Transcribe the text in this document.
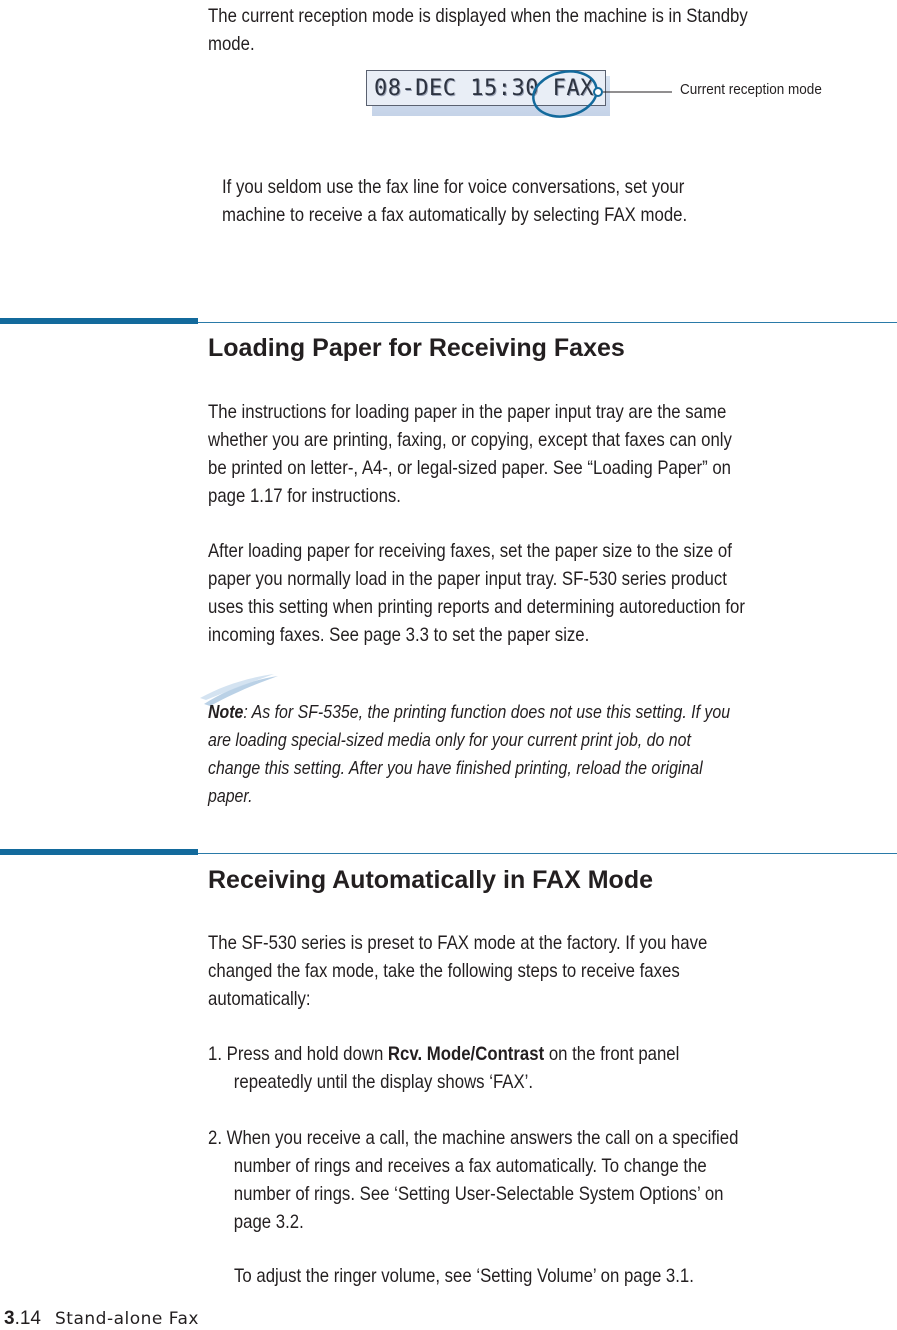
The current reception mode is displayed when the machine is in Standby
mode.
08-DEC 15:30 FAX	Current reception mode
If you seldom use the fax line for voice conversations, set your
machine to receive a fax automatically by selecting FAX mode.
Loading Paper for Receiving Faxes
The instructions for loading paper in the paper input tray are the same
whether you are printing, faxing, or copying, except that faxes can only
be printed on letter-, A4-, or legal-sized paper. See “Loading Paper” on
page 1.17 for instructions.
After loading paper for receiving faxes, set the paper size to the size of
paper you normally load in the paper input tray. SF-530 series product
uses this setting when printing reports and determining autoreduction for
incoming faxes. See page 3.3 to set the paper size.
Note: As for SF-535e, the printing function does not use this setting. If you
are loading special-sized media only for your current print job, do not
change this setting. After you have finished printing, reload the original
paper.
Receiving Automatically in FAX Mode
The SF-530 series is preset to FAX mode at the factory. If you have
changed the fax mode, take the following steps to receive faxes
automatically:
1. Press and hold down Rcv. Mode/Contrast on the front panel
repeatedly until the display shows ‘FAX’.
2. When you receive a call, the machine answers the call on a specified
number of rings and receives a fax automatically. To change the
number of rings. See ‘Setting User-Selectable System Options’ on
page 3.2.
To adjust the ringer volume, see ‘Setting Volume’ on page 3.1.
3.14 Stand-alone Fax
